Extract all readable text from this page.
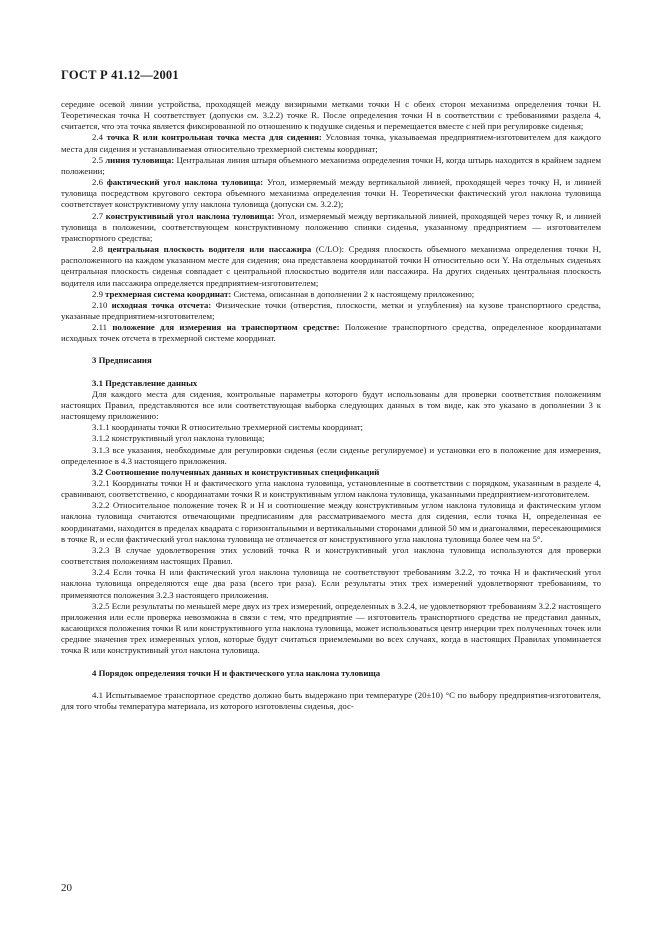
ГОСТ Р 41.12—2001

середине осевой линии устройства, проходящей между визирными метками точки H с обеих сторон механизма определения точки H. Теоретическая точка H соответствует (допуски см. 3.2.2) точке R. После определения точки H в соответствии с требованиями раздела 4, считается, что эта точка является фиксированной по отношению к подушке сиденья и перемещается вместе с ней при регулировке сиденья;

2.4 точка R или контрольная точка места для сидения: Условная точка, указываемая предприятием-изготовителем для каждого места для сидения и устанавливаемая относительно трехмерной системы координат;

2.5 линия туловища: Центральная линия штыря объемного механизма определения точки H, когда штырь находится в крайнем заднем положении;

2.6 фактический угол наклона туловища: Угол, измеряемый между вертикальной линией, проходящей через точку H, и линией туловища посредством кругового сектора объемного механизма определения точки H. Теоретически фактический угол наклона туловища соответствует конструктивному углу наклона туловища (допуски см. 3.2.2);

2.7 конструктивный угол наклона туловища: Угол, измеряемый между вертикальной линией, проходящей через точку R, и линией туловища в положении, соответствующем конструктивному положению спинки сиденья, указанному предприятием — изготовителем транспортного средства;

2.8 центральная плоскость водителя или пассажира (C/LO): Средняя плоскость объемного механизма определения точки H, расположенного на каждом указанном месте для сидения; она представлена координатой точки H относительно оси Y. На отдельных сиденьях центральная плоскость сиденья совпадает с центральной плоскостью водителя или пассажира. На других сиденьях центральная плоскость водителя или пассажира определяется предприятием-изготовителем;

2.9 трехмерная система координат: Система, описанная в дополнении 2 к настоящему приложению;

2.10 исходная точка отсчета: Физические точки (отверстия, плоскости, метки и углубления) на кузове транспортного средства, указанные предприятием-изготовителем;

2.11 положение для измерения на транспортном средстве: Положение транспортного средства, определенное координатами исходных точек отсчета в трехмерной системе координат.

3 Предписания
3.1 Представление данных

Для каждого места для сидения, контрольные параметры которого будут использованы для проверки соответствия положениям настоящих Правил, представляются все или соответствующая выборка следующих данных в том виде, как это указано в дополнении 3 к настоящему приложению:

3.1.1 координаты точки R относительно трехмерной системы координат;

3.1.2 конструктивный угол наклона туловища;

3.1.3 все указания, необходимые для регулировки сиденья (если сиденье регулируемое) и установки его в положение для измерения, определенное в 4.3 настоящего приложения.

3.2 Соотношение полученных данных и конструктивных спецификаций

3.2.1 Координаты точки H и фактического угла наклона туловища, установленные в соответствии с порядком, указанным в разделе 4, сравнивают, соответственно, с координатами точки R и конструктивным углом наклона туловища, указанными предприятием-изготовителем.

3.2.2 Относительное положение точек R и H и соотношение между конструктивным углом наклона туловища и фактическим углом наклона туловища считаются отвечающими предписаниям для рассматриваемого места для сидения, если точка H, определенная ее координатами, находится в пределах квадрата с горизонтальными и вертикальными сторонами длиной 50 мм и диагоналями, пересекающимися в точке R, и если фактический угол наклона туловища не отличается от конструктивного угла наклона туловища более чем на 5°.

3.2.3 В случае удовлетворения этих условий точка R и конструктивный угол наклона туловища используются для проверки соответствия положениям настоящих Правил.

3.2.4 Если точка H или фактический угол наклона туловища не соответствуют требованиям 3.2.2, то точка H и фактический угол наклона туловища определяются еще два раза (всего три раза). Если результаты этих трех измерений удовлетворяют требованиям, то применяются положения 3.2.3 настоящего приложения.

3.2.5 Если результаты по меньшей мере двух из трех измерений, определенных в 3.2.4, не удовлетворяют требованиям 3.2.2 настоящего приложения или если проверка невозможна в связи с тем, что предприятие — изготовитель транспортного средства не представил данных, касающихся положения точки R или конструктивного угла наклона туловища, может использоваться центр инерции трех полученных точек или средние значения трех измеренных углов, которые будут считаться приемлемыми во всех случаях, когда в настоящих Правилах упоминается точка R или конструктивный угол наклона туловища.

4 Порядок определения точки H и фактического угла наклона туловища

4.1 Испытываемое транспортное средство должно быть выдержано при температуре (20±10) °С по выбору предприятия-изготовителя, для того чтобы температура материала, из которого изготовлены сиденья, дос-

20
